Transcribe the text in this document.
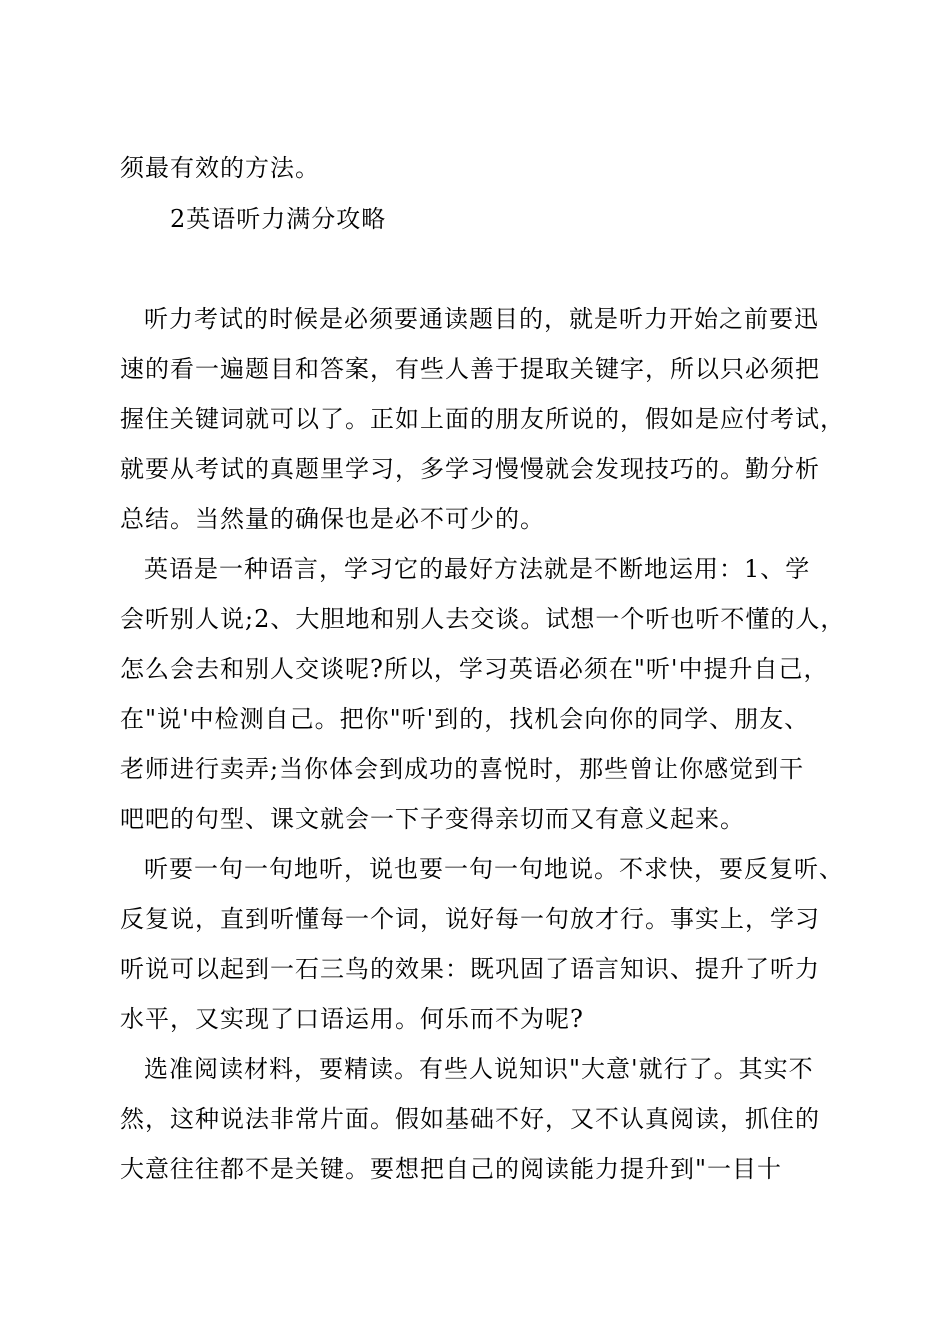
须最有效的方法。
2英语听力满分攻略
听力考试的时候是必须要通读题目的，就是听力开始之前要迅
速的看一遍题目和答案，有些人善于提取关键字，所以只必须把
握住关键词就可以了。正如上面的朋友所说的，假如是应付考试，
就要从考试的真题里学习，多学习慢慢就会发现技巧的。勤分析
总结。当然量的确保也是必不可少的。
英语是一种语言，学习它的最好方法就是不断地运用：1、学
会听别人说;2、大胆地和别人去交谈。试想一个听也听不懂的人，
怎么会去和别人交谈呢?所以，学习英语必须在"听'中提升自己，
在"说'中检测自己。把你"听'到的，找机会向你的同学、朋友、
老师进行卖弄;当你体会到成功的喜悦时，那些曾让你感觉到干
吧吧的句型、课文就会一下子变得亲切而又有意义起来。
听要一句一句地听，说也要一句一句地说。不求快，要反复听、
反复说，直到听懂每一个词，说好每一句放才行。事实上，学习
听说可以起到一石三鸟的效果：既巩固了语言知识、提升了听力
水平，又实现了口语运用。何乐而不为呢?
选准阅读材料，要精读。有些人说知识"大意'就行了。其实不
然，这种说法非常片面。假如基础不好，又不认真阅读，抓住的
大意往往都不是关键。要想把自己的阅读能力提升到"一目十
